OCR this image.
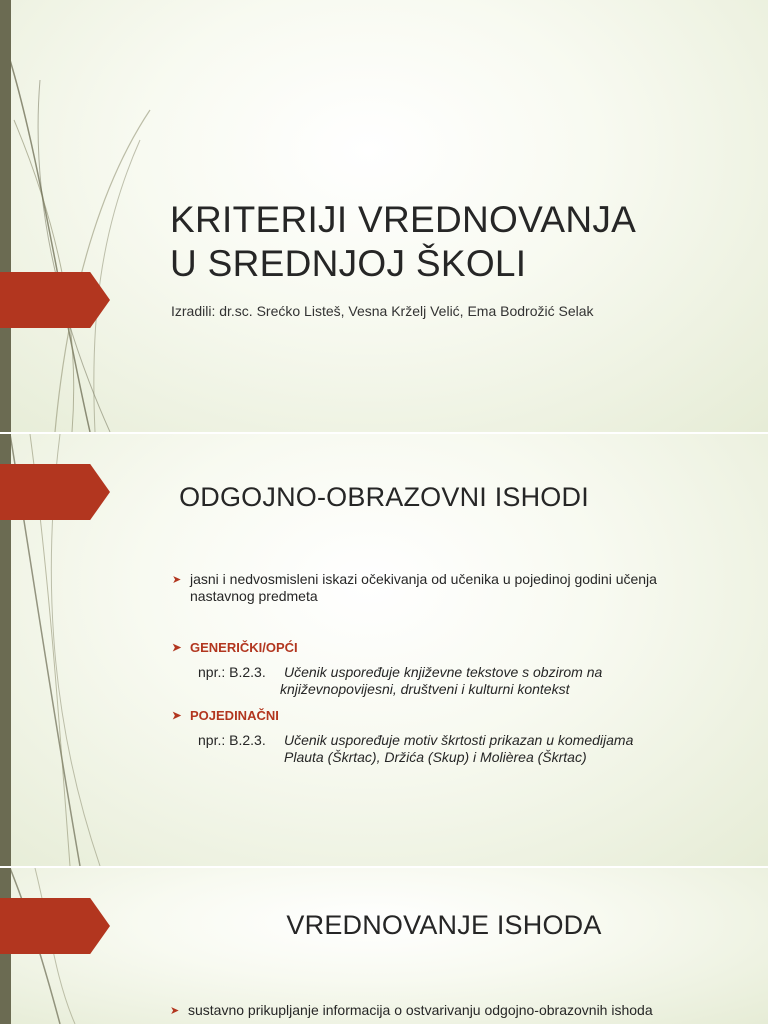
KRITERIJI VREDNOVANJA
U SREDNJOJ ŠKOLI
Izradili: dr.sc. Srećko Listeš, Vesna Krželj Velić, Ema Bodrožić Selak
ODGOJNO-OBRAZOVNI ISHODI
➤ jasni i nedvosmisleni iskazi očekivanja od učenika u pojedinoj godini učenja
nastavnog predmeta
➤ GENERIČKI/OPĆI
npr.: B.2.3. Učenik uspoređuje književne tekstove s obzirom na
književnopovijesni, društveni i kulturni kontekst
➤ POJEDINAČNI
npr.: B.2.3. Učenik uspoređuje motiv škrtosti prikazan u komedijama
Plauta (Škrtac), Držića (Skup) i Molièrea (Škrtac)
VREDNOVANJE ISHODA
➤ sustavno prikupljanje informacija o ostvarivanju odgojno-obrazovnih ishoda
